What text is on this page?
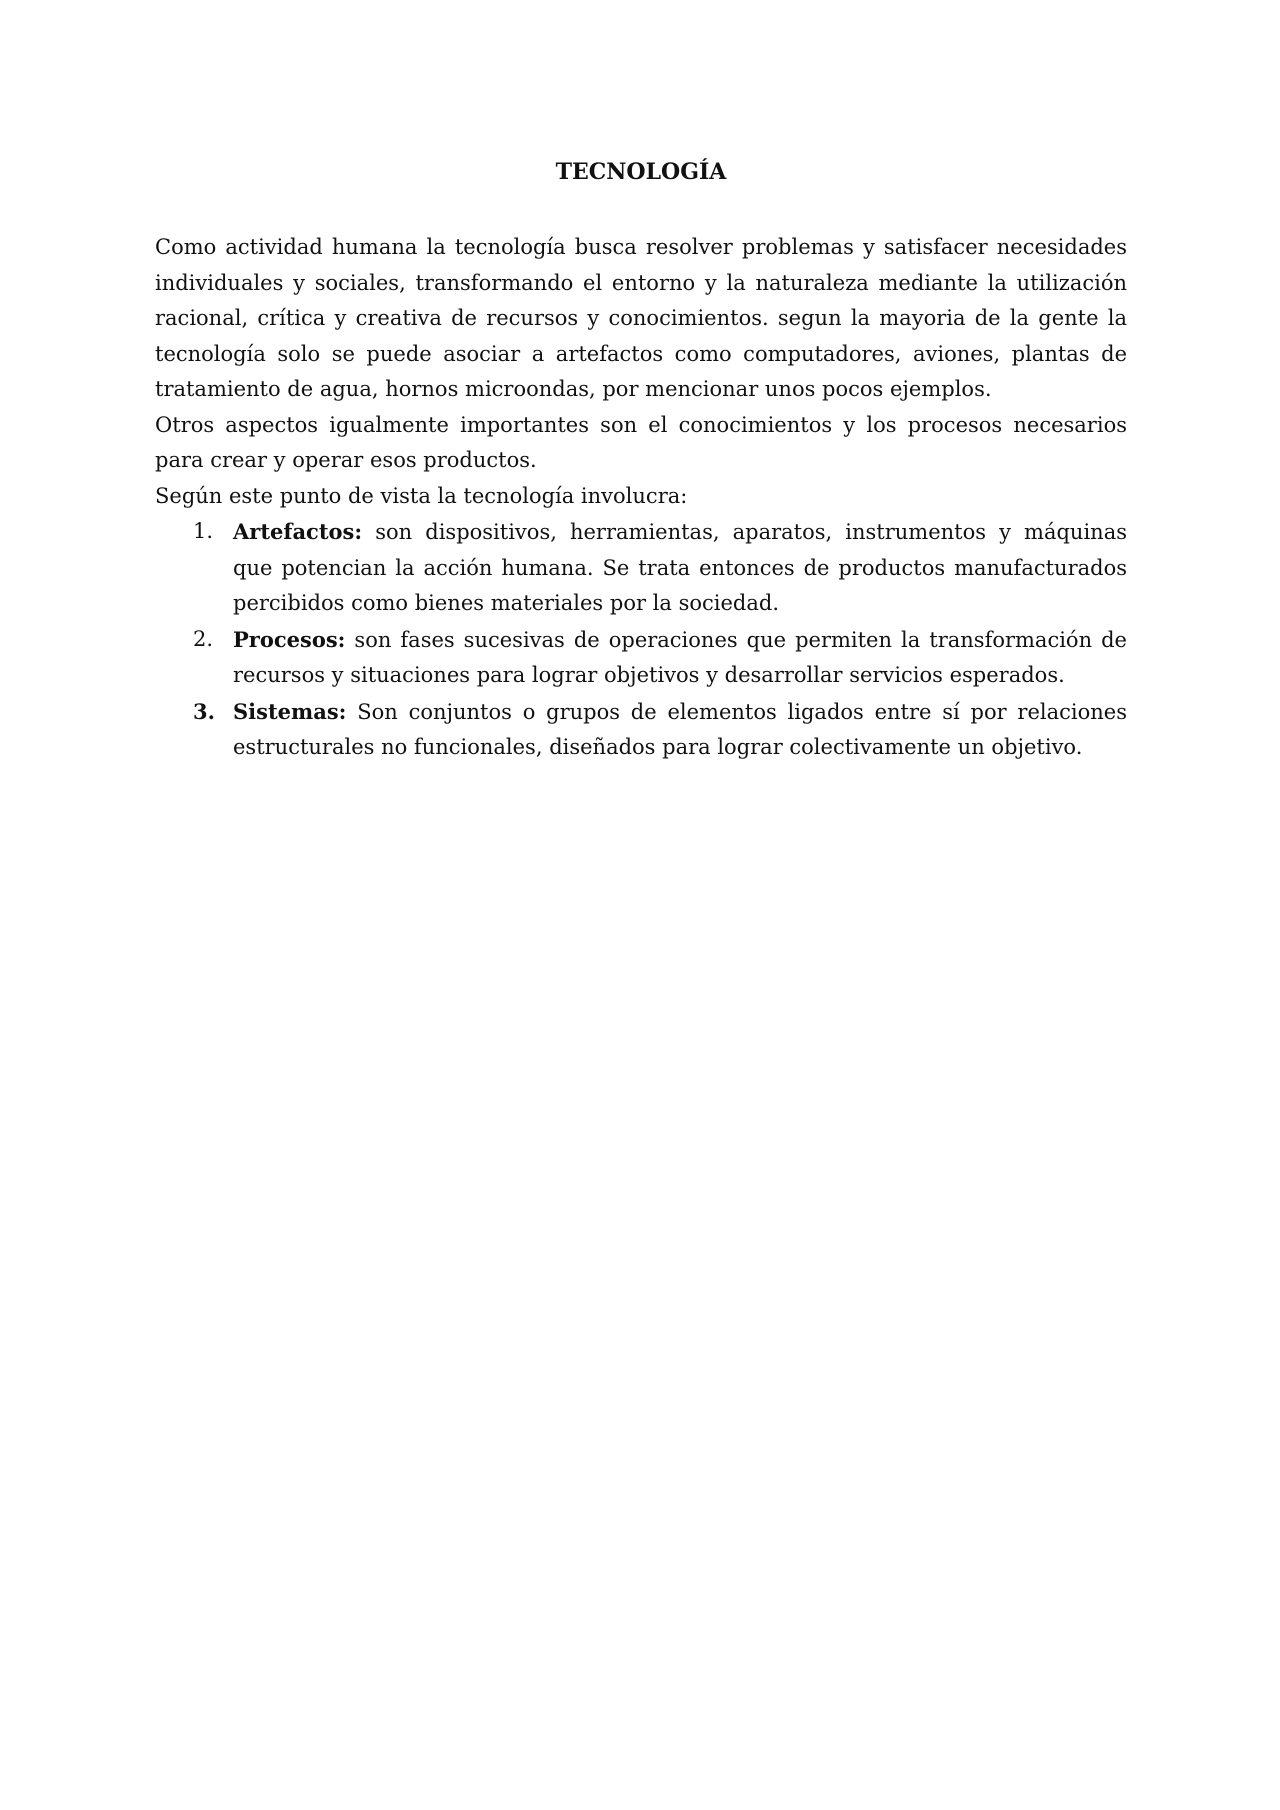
TECNOLOGÍA

Como actividad humana la tecnología busca resolver problemas y satisfacer necesidades individuales y sociales, transformando el entorno y la naturaleza mediante la utilización racional, crítica y creativa de recursos y conocimientos. segun la mayoria de la gente la tecnología solo se puede asociar a artefactos como computadores, aviones, plantas de tratamiento de agua, hornos microondas, por mencionar unos pocos ejemplos.

Otros aspectos igualmente importantes son el conocimientos y los procesos necesarios para crear y operar esos productos.

Según este punto de vista la tecnología involucra:

1. Artefactos: son dispositivos, herramientas, aparatos, instrumentos y máquinas que potencian la acción humana. Se trata entonces de productos manufacturados percibidos como bienes materiales por la sociedad.
2. Procesos: son fases sucesivas de operaciones que permiten la transformación de recursos y situaciones para lograr objetivos y desarrollar servicios esperados.
3. Sistemas: Son conjuntos o grupos de elementos ligados entre sí por relaciones estructurales no funcionales, diseñados para lograr colectivamente un objetivo.
